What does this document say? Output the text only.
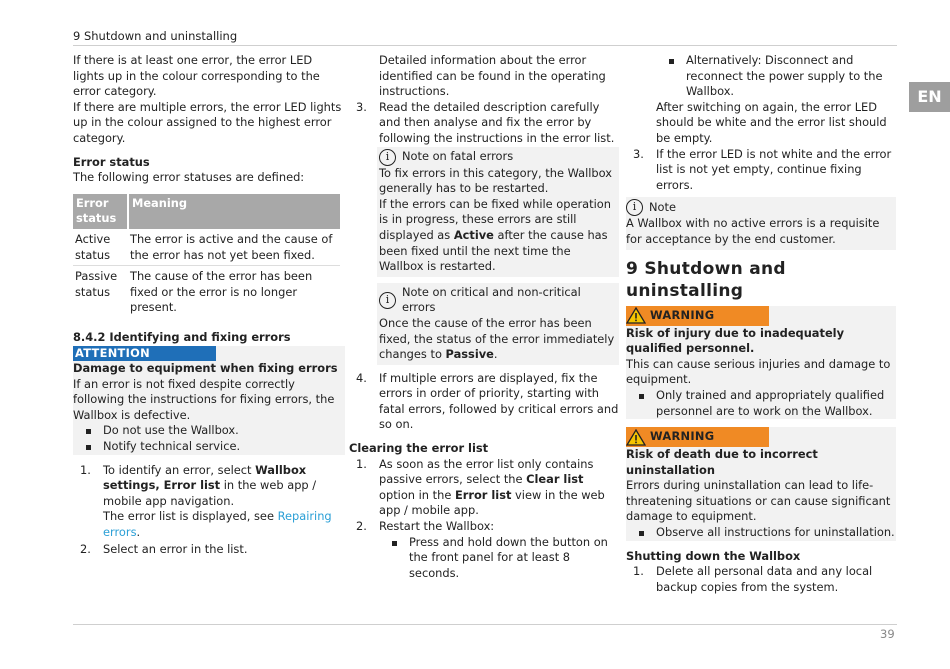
9 Shutdown and uninstalling
EN

If there is at least one error, the error LED lights up in the colour corresponding to the error category.

If there are multiple errors, the error LED lights up in the colour assigned to the highest error category.

Error status

The following error statuses are defined:

Error status	Meaning
Active status	The error is active and the cause of the error has not yet been fixed.
Passive status	The cause of the error has been fixed or the error is no longer present.

8.4.2 Identifying and fixing errors

ATTENTION

Damage to equipment when fixing errors

If an error is not fixed despite correctly following the instructions for fixing errors, the Wallbox is defective.

Do not use the Wallbox.

Notify technical service.

1. To identify an error, select Wallbox settings, Error list in the web app / mobile app navigation.
The error list is displayed, see Repairing errors.
2. Select an error in the list.

Detailed information about the error identified can be found in the operating instructions.

3. Read the detailed description carefully and then analyse and fix the error by following the instructions in the error list.
i	Note on fatal errors

To fix errors in this category, the Wallbox generally has to be restarted.

If the errors can be fixed while operation is in progress, these errors are still displayed as Active after the cause has been fixed until the next time the Wallbox is restarted.

i
Note on critical and non-critical errors

Once the cause of the error has been fixed, the status of the error immediately changes to Passive.

4. If multiple errors are displayed, fix the errors in order of priority, starting with fatal errors, followed by critical errors and so on.

Clearing the error list

1. As soon as the error list only contains passive errors, select the Clear list option in the Error list view in the web app / mobile app.
2. Restart the Wallbox:

Press and hold down the button on the front panel for at least 8 seconds.

Alternatively: Disconnect and reconnect the power supply to the Wallbox.

After switching on again, the error LED should be white and the error list should be empty.

3. If the error LED is not white and the error list is not yet empty, continue fixing errors.
i	Note

A Wallbox with no active errors is a requisite for acceptance by the end customer.

9 Shutdown and uninstalling

WARNING

Risk of injury due to inadequately qualified personnel.

This can cause serious injuries and damage to equipment.

Only trained and appropriately qualified personnel are to work on the Wallbox.

WARNING

Risk of death due to incorrect uninstallation

Errors during uninstallation can lead to life-threatening situations or can cause significant damage to equipment.

Observe all instructions for uninstallation.

Shutting down the Wallbox

1. Delete all personal data and any local backup copies from the system.
39
